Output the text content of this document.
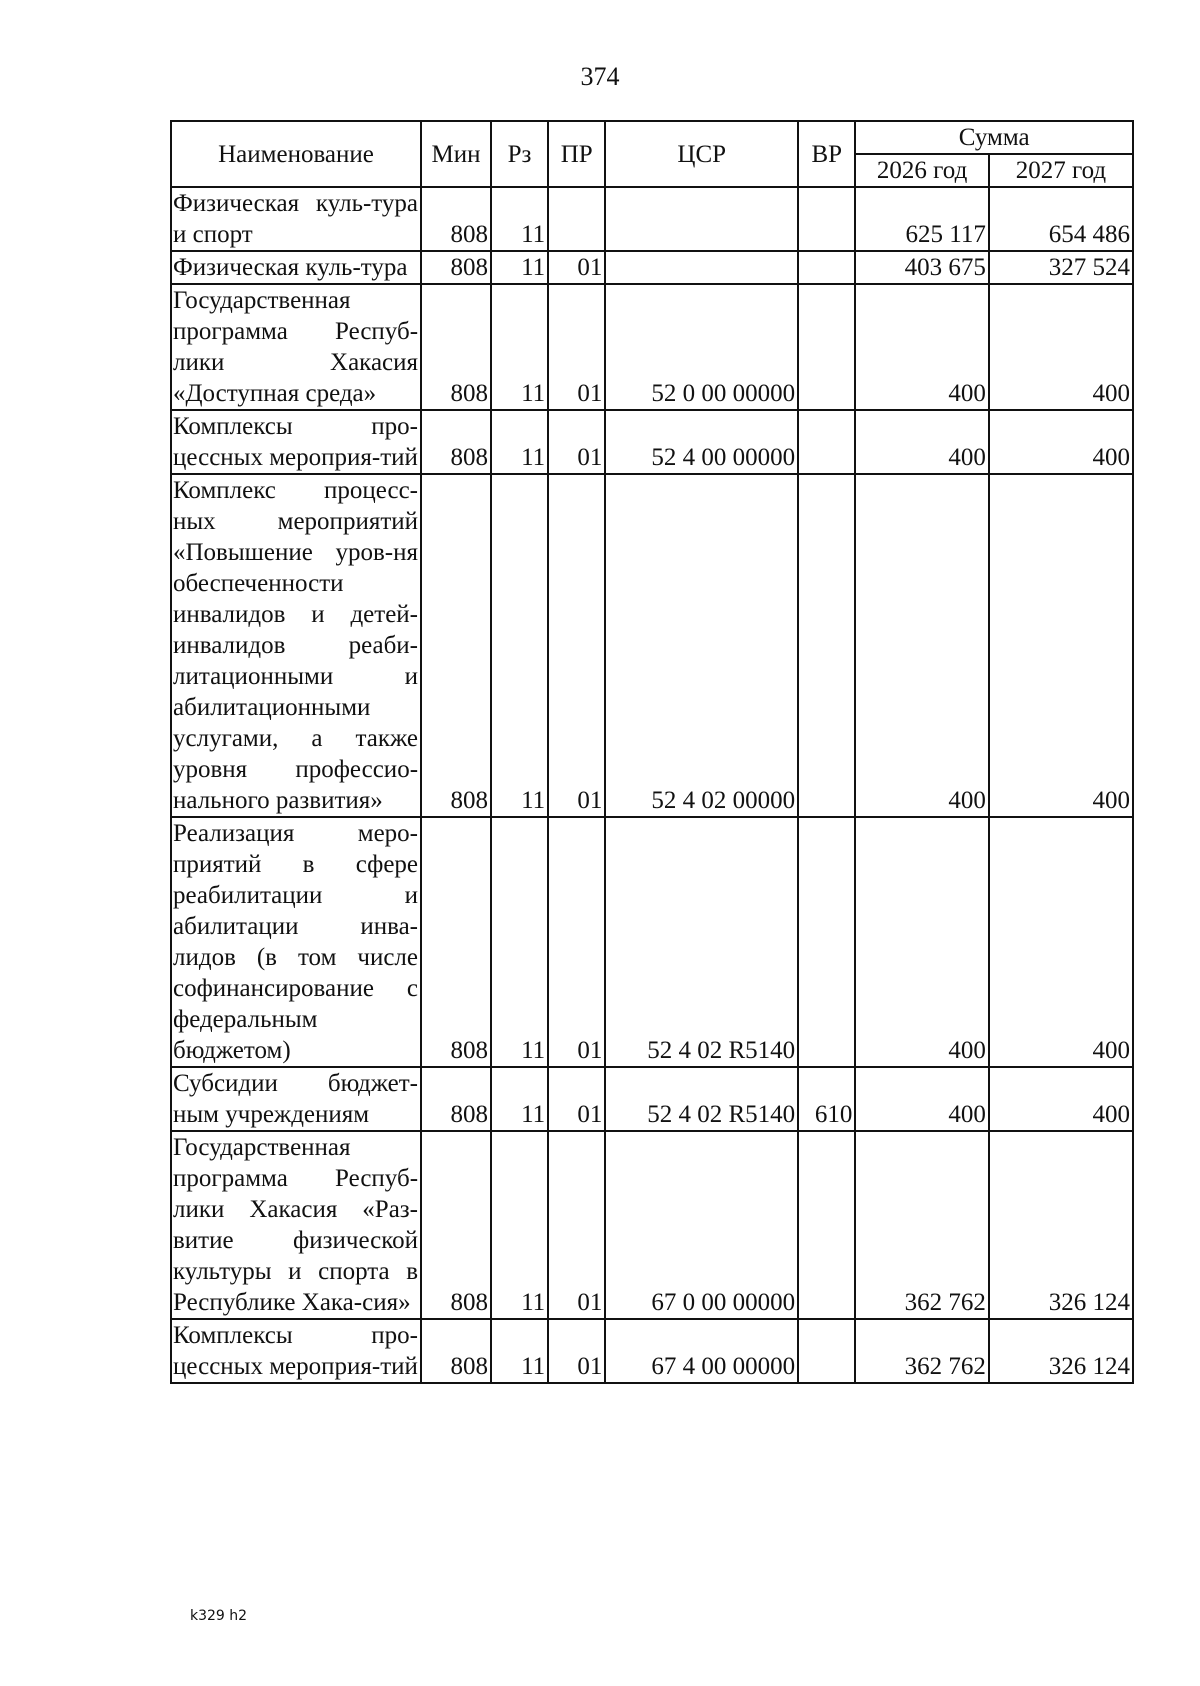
374
Наименование	Мин	Рз	ПР	ЦСР	ВР	Сумма	
						2026 год	2027 год
Физическая куль-тура и спорт	808	11				625 117	654 486
Физическая куль-тура	808	11	01			403 675	327 524
Государственная программа Респуб-лики Хакасия «Доступная среда»	808	11	01	52 0 00 00000		400	400
Комплексы про-цессных мероприя-тий	808	11	01	52 4 00 00000		400	400
Комплекс процесс-ных мероприятий «Повышение уров-ня обеспеченности инвалидов и детей-инвалидов реаби-литационными и абилитационными услугами, а также уровня профессио-нального развития»	808	11	01	52 4 02 00000		400	400
Реализация меро-приятий в сфере реабилитации и абилитации инва-лидов (в том числе софинансирование с федеральным бюджетом)	808	11	01	52 4 02 R5140		400	400
Субсидии бюджет-ным учреждениям	808	11	01	52 4 02 R5140	610	400	400
Государственная программа Респуб-лики Хакасия «Раз-витие физической культуры и спорта в Республике Хака-сия»	808	11	01	67 0 00 00000		362 762	326 124
Комплексы про-цессных мероприя-тий	808	11	01	67 4 00 00000		362 762	326 124
k329 h2
